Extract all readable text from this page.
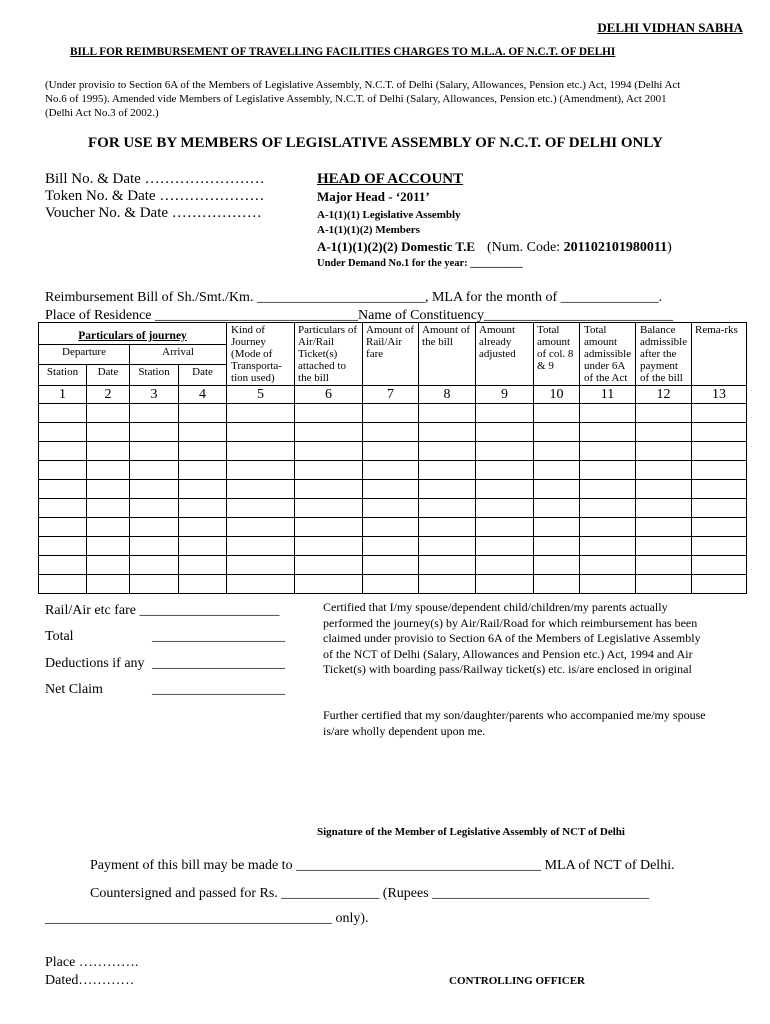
DELHI VIDHAN SABHA
BILL FOR REIMBURSEMENT OF TRAVELLING FACILITIES CHARGES TO M.L.A. OF N.C.T. OF DELHI
(Under provisio to Section 6A of the Members of Legislative Assembly, N.C.T. of Delhi (Salary, Allowances, Pension etc.) Act, 1994 (Delhi Act
No.6 of 1995). Amended vide Members of Legislative Assembly, N.C.T. of Delhi (Salary, Allowances, Pension etc.) (Amendment), Act 2001
(Delhi Act No.3 of 2002.)
FOR USE BY MEMBERS OF LEGISLATIVE ASSEMBLY OF N.C.T. OF DELHI ONLY
Bill No. & Date ……………………
Token No. & Date …………………
Voucher No. & Date ………………
HEAD OF ACCOUNT
Major Head - ‘2011’
A-1(1)(1) Legislative Assembly
A-1(1)(1)(2) Members
A-1(1)(1)(2)(2) Domestic T.E (Num. Code: 201102101980011)
Under Demand No.1 for the year: __________
Reimbursement Bill of Sh./Smt./Km. ________________________, MLA for the month of ______________.
Place of Residence _____________________________Name of Constituency___________________________
Particulars of journey				Kind of Journey (Mode of Transporta-tion used)	Particulars of Air/Rail Ticket(s) attached to the bill	Amount of Rail/Air fare	Amount of the bill	Amount already adjusted	Total amount of col. 8 & 9	Total amount admissible under 6A of the Act	Balance admissible after the payment of the bill	Rema-rks
Departure		Arrival										
Station	Date	Station	Date									
1	2	3	4	5	6	7	8	9	10	11	12	13

Rail/Air etc fare ____________________
Total	___________________
Deductions if any ___________________
Net Claim	___________________
Certified that I/my spouse/dependent child/children/my parents actually performed the journey(s) by Air/Rail/Road for which reimbursement has been claimed under provisio to Section 6A of the Members of Legislative Assembly of the NCT of Delhi (Salary, Allowances and Pension etc.) Act, 1994 and Air Ticket(s) with boarding pass/Railway ticket(s) etc. is/are enclosed in original
Further certified that my son/daughter/parents who accompanied me/my spouse is/are wholly dependent upon me.
Signature of the Member of Legislative Assembly of NCT of Delhi
Payment of this bill may be made to ___________________________________ MLA of NCT of Delhi.
Countersigned and passed for Rs. ______________ (Rupees _______________________________
_________________________________________ only).
Place ………….
Dated…………	CONTROLLING OFFICER
